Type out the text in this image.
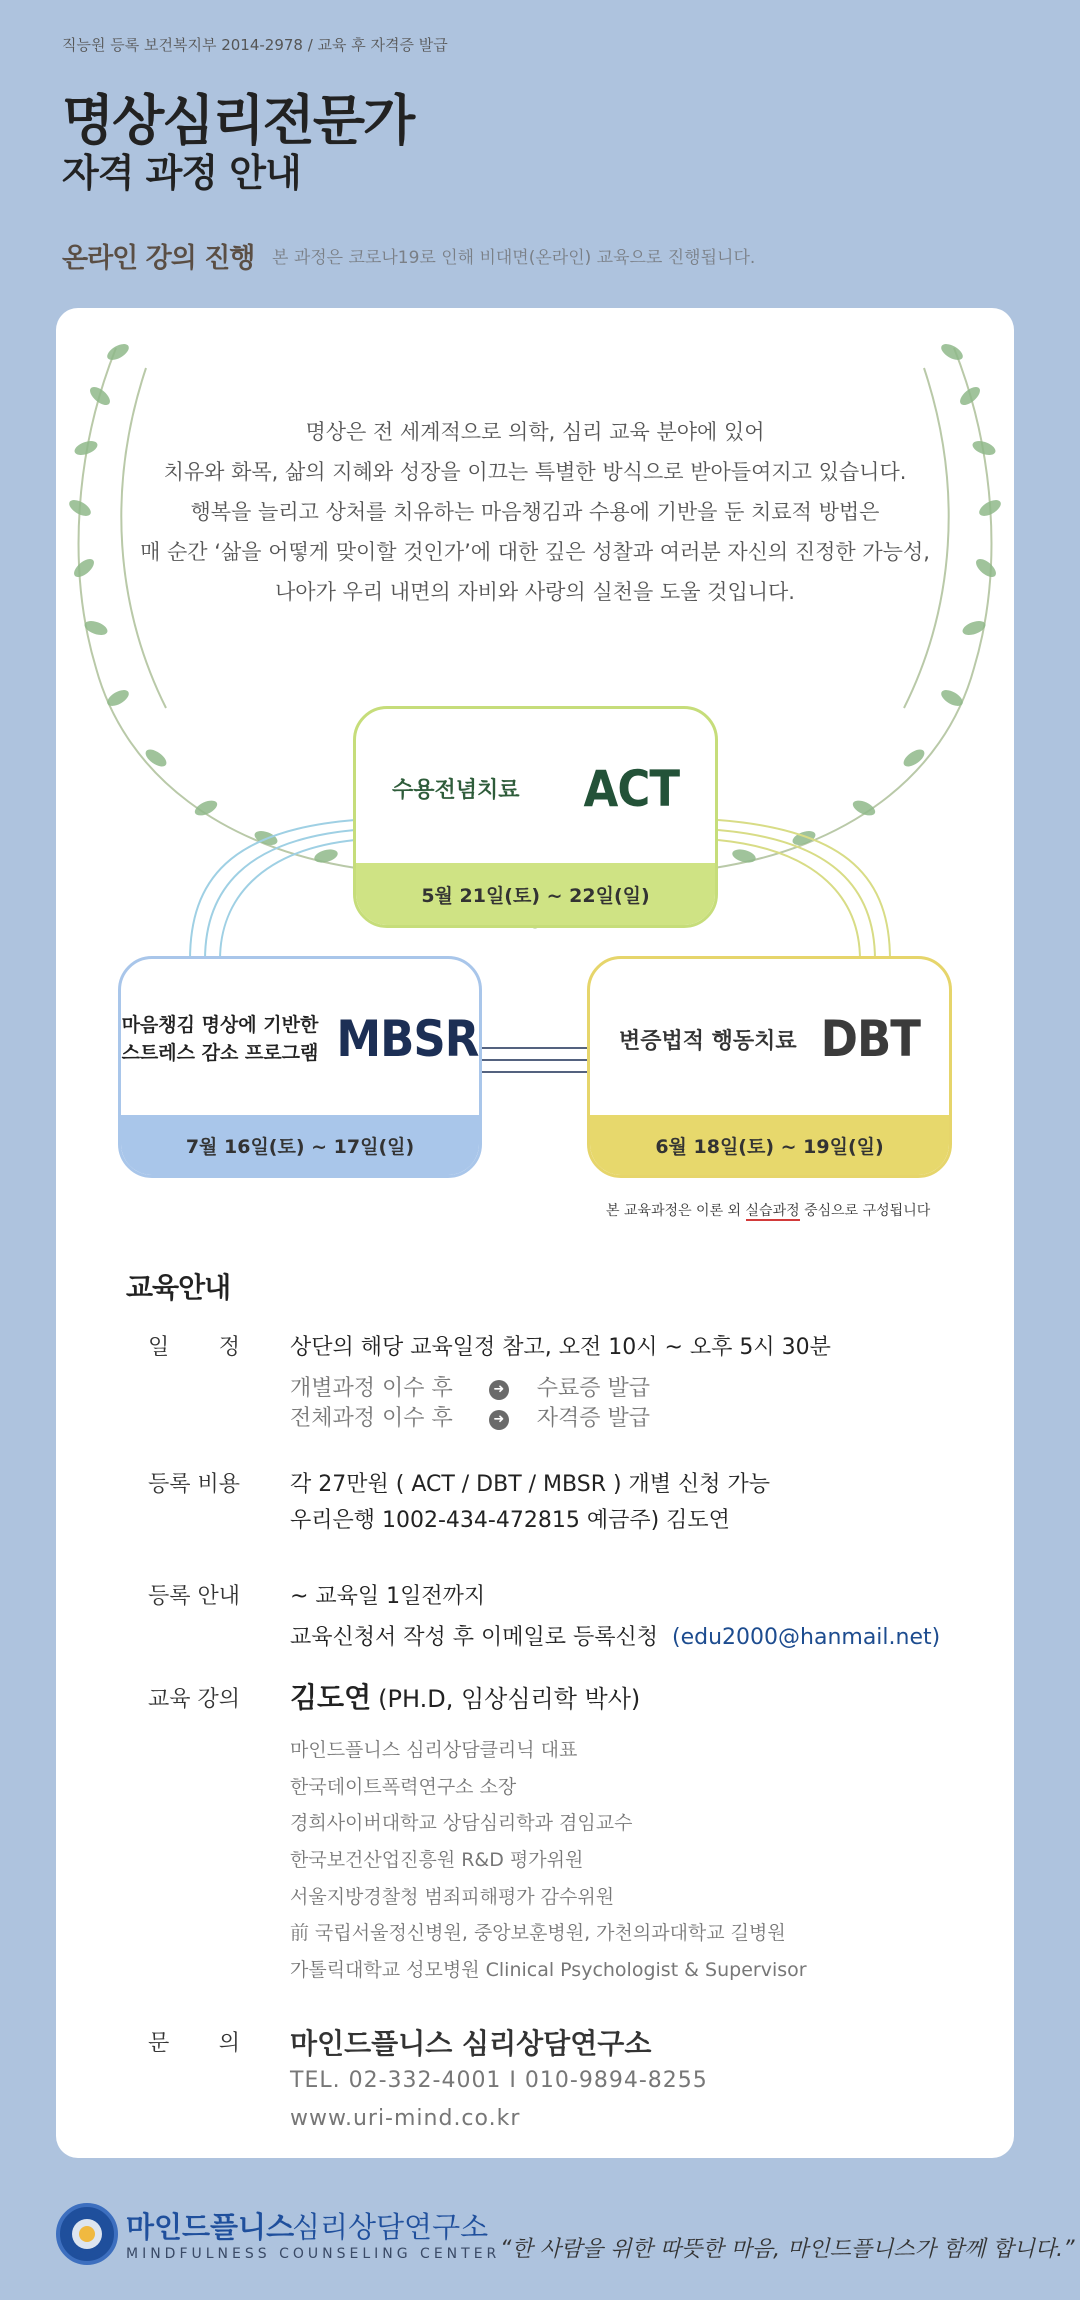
직능원 등록 보건복지부 2014-2978 / 교육 후 자격증 발급
명상심리전문가
자격 과정 안내
온라인 강의 진행 본 과정은 코로나19로 인해 비대면(온라인) 교육으로 진행됩니다.
명상은 전 세계적으로 의학, 심리 교육 분야에 있어
치유와 화목, 삶의 지혜와 성장을 이끄는 특별한 방식으로 받아들여지고 있습니다.
행복을 늘리고 상처를 치유하는 마음챙김과 수용에 기반을 둔 치료적 방법은
매 순간 ‘삶을 어떻게 맞이할 것인가’에 대한 깊은 성찰과 여러분 자신의 진정한 가능성,
나아가 우리 내면의 자비와 사랑의 실천을 도울 것입니다.
수용전념치료 ACT
5월 21일(토) ~ 22일(일)
마음챙김 명상에 기반한
스트레스 감소 프로그램 MBSR
7월 16일(토) ~ 17일(일)
변증법적 행동치료 DBT
6월 18일(토) ~ 19일(일)
본 교육과정은 이론 외 실습과정 중심으로 구성됩니다
교육안내
일 정 상단의 해당 교육일정 참고, 오전 10시 ~ 오후 5시 30분
개별과정 이수 후	➜ 수료증 발급
전체과정 이수 후	➜ 자격증 발급
등록 비용	각 27만원 ( ACT / DBT / MBSR ) 개별 신청 가능
우리은행 1002-434-472815 예금주) 김도연
등록 안내	~ 교육일 1일전까지
교육신청서 작성 후 이메일로 등록신청 (edu2000@hanmail.net)
교육 강의	김도연 (PH.D, 임상심리학 박사)
마인드플니스 심리상담클리닉 대표
한국데이트폭력연구소 소장
경희사이버대학교 상담심리학과 겸임교수
한국보건산업진흥원 R&D 평가위원
서울지방경찰청 범죄피해평가 감수위원
前 국립서울정신병원, 중앙보훈병원, 가천의과대학교 길병원
가톨릭대학교 성모병원 Clinical Psychologist & Supervisor
문 의 마인드플니스 심리상담연구소
TEL. 02-332-4001 I 010-9894-8255
www.uri-mind.co.kr
마인드플니스
심리상담연구소
MINDFULNESS COUNSELING CENTER “한 사람을 위한 따뜻한 마음, 마인드플니스가 함께 합니다.”
